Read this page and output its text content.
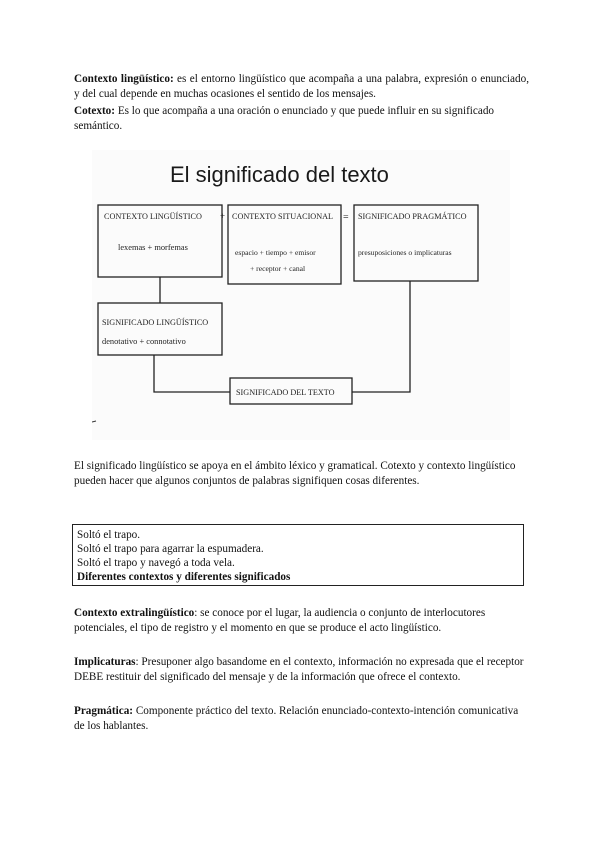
Contexto lingüístico: es el entorno lingüístico que acompaña a una palabra, expresión o enunciado, y del cual depende en muchas ocasiones el sentido de los mensajes.
Cotexto: Es lo que acompaña a una oración o enunciado y que puede influir en su significado semántico.
El significado del texto
CONTEXTO LINGÜÍSTICO
lexemas + morfemas
+ CONTEXTO SITUACIONAL
espacio + tiempo + emisor
+ receptor + canal
= SIGNIFICADO PRAGMÁTICO
presuposiciones o implicaturas
SIGNIFICADO LINGÜÍSTICO
denotativo + connotativo
SIGNIFICADO DEL TEXTO
El significado lingüístico se apoya en el ámbito léxico y gramatical. Cotexto y contexto lingüístico pueden hacer que algunos conjuntos de palabras signifiquen cosas diferentes.
Soltó el trapo.
Soltó el trapo para agarrar la espumadera.
Soltó el trapo y navegó a toda vela.
Diferentes contextos y diferentes significados
Contexto extralingüístico: se conoce por el lugar, la audiencia o conjunto de interlocutores potenciales, el tipo de registro y el momento en que se produce el acto lingüístico.
Implicaturas: Presuponer algo basandome en el contexto, información no expresada que el receptor DEBE restituir del significado del mensaje y de la información que ofrece el contexto.
Pragmática: Componente práctico del texto. Relación enunciado-contexto-intención comunicativa de los hablantes.
